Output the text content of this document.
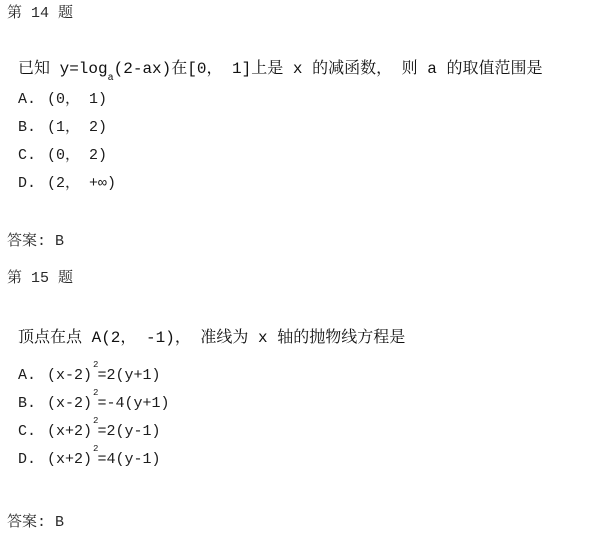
第 14 题
已知 $y=\log_a(2-ax)$在[0， 1]上是 x 的减函数， 则 a 的取值范围是
A. (0， 1)
B. (1， 2)
C. (0， 2)
D. (2， +∞)
答案: B
第 15 题
顶点在点 A(2， -1)， 准线为 x 轴的抛物线方程是
A. $(x-2)^2=2(y+1)$
B. $(x-2)^2=-4(y+1)$
C. $(x+2)^2=2(y-1)$
D. $(x+2)^2=4(y-1)$
答案: B
